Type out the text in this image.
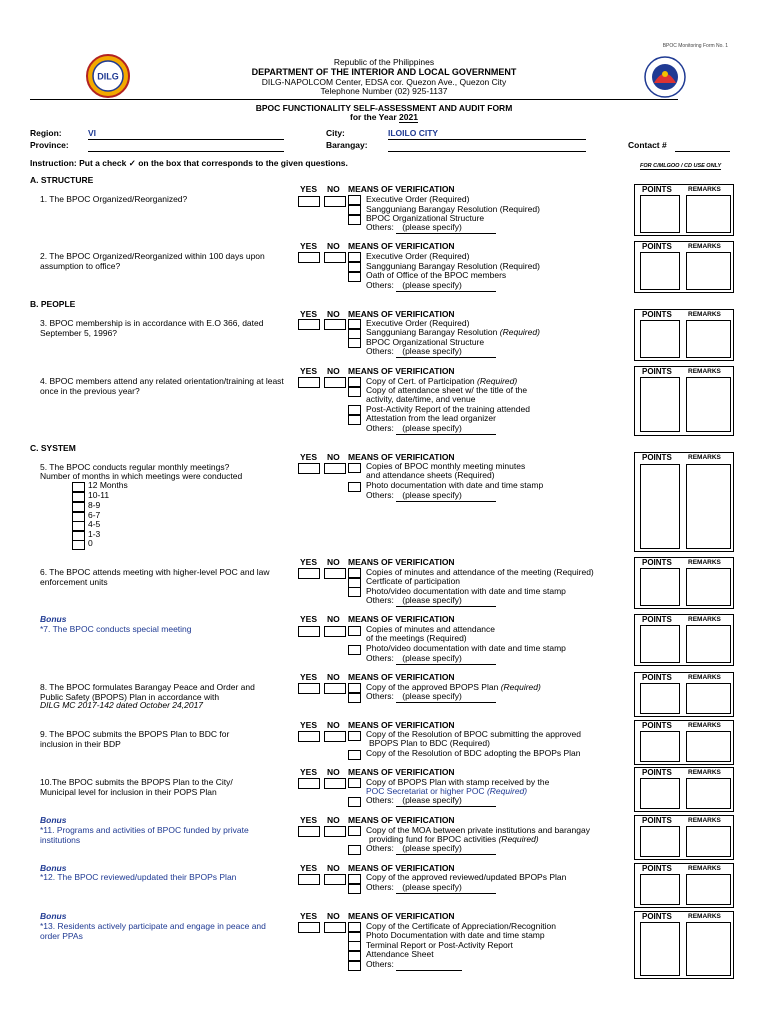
BPOC Monitoring Form No. 1
DILG
Republic of the Philippines
DEPARTMENT OF THE INTERIOR AND LOCAL GOVERNMENT
DILG-NAPOLCOM Center, EDSA cor. Quezon Ave., Quezon City
Telephone Number (02) 925-1137
BPOC FUNCTIONALITY SELF-ASSESSMENT AND AUDIT FORM
for the Year 2021
Region:	VI
Province:
City:	ILOILO CITY
Barangay:	Contact #
Instruction: Put a check ✓ on the box that corresponds to the given questions.	FOR C/MLGOO / CD USE ONLY
A. STRUCTURE
YES NO MEANS OF VERIFICATION
1. The BPOC Organized/Reorganized?	Executive Order (Required)
Sangguniang Barangay Resolution (Required)
BPOC Organizational Structure
Others: (please specify)
POINTS REMARKS
YES NO MEANS OF VERIFICATION
2. The BPOC Organized/Reorganized within 100 days upon assumption to office?
Executive Order (Required)
Sangguniang Barangay Resolution (Required)
Oath of Office of the BPOC members
Others: (please specify)
POINTS REMARKS
B. PEOPLE
YES NO MEANS OF VERIFICATION
3. BPOC membership is in accordance with E.O 366, dated September 5, 1996?
Executive Order (Required)
Sangguniang Barangay Resolution (Required)
BPOC Organizational Structure
Others: (please specify)
POINTS REMARKS
YES NO MEANS OF VERIFICATION
4. BPOC members attend any related orientation/training at least once in the previous year?
Copy of Cert. of Participation (Required)
Copy of attendance sheet w/ the title of the
activity, date/time, and venue
Post-Activity Report of the training attended
Attestation from the lead organizer
Others: (please specify)
POINTS REMARKS
C. SYSTEM
YES NO MEANS OF VERIFICATION
5. The BPOC conducts regular monthly meetings?
Number of months in which meetings were conducted
Copies of BPOC monthly meeting minutes
and attendance sheets (Required)
Photo documentation with date and time stamp
Others: (please specify)
12 Months
10-11
8-9
6-7
4-5
1-3
0
POINTS REMARKS
YES NO MEANS OF VERIFICATION
6. The BPOC attends meeting with higher-level POC and law enforcement units
Copies of minutes and attendance of the meeting (Required)
Certficate of participation
Photo/video documentation with date and time stamp
Others: (please specify)
POINTS REMARKS
Bonus	YES NO MEANS OF VERIFICATION
*7. The BPOC conducts special meeting	Copies of minutes and attendance
of the meetings (Required)
Photo/video documentation with date and time stamp
Others: (please specify)
POINTS REMARKS
YES NO MEANS OF VERIFICATION
8. The BPOC formulates Barangay Peace and Order and Public Safety (BPOPS) Plan in accordance with
DILG MC 2017-142 dated October 24,2017
Copy of the approved BPOPS Plan (Required)
Others: (please specify)
POINTS REMARKS
YES NO MEANS OF VERIFICATION
9. The BPOC submits the BPOPS Plan to BDC for inclusion in their BDP
Copy of the Resolution of BPOC submitting the approved
BPOPS Plan to BDC (Required)
Copy of the Resolution of BDC adopting the BPOPs Plan
POINTS REMARKS
YES NO MEANS OF VERIFICATION
10.The BPOC submits the BPOPS Plan to the City/ Municipal level for inclusion in their POPS Plan
Copy of BPOPS Plan with stamp received by the
POC Secretariat or higher POC (Required)
Others: (please specify)
POINTS REMARKS
Bonus	YES NO MEANS OF VERIFICATION
*11. Programs and activities of BPOC funded by private institutions
Copy of the MOA between private institutions and barangay
providing fund for BPOC activities (Required)
Others: (please specify)
POINTS REMARKS
Bonus	YES NO MEANS OF VERIFICATION
*12. The BPOC reviewed/updated their BPOPs Plan	Copy of the approved reviewed/updated BPOPs Plan
Others: (please specify)
POINTS REMARKS
Bonus	YES NO MEANS OF VERIFICATION
*13. Residents actively participate and engage in peace and order PPAs
Copy of the Certificate of Appreciation/Recognition
Photo Documentation with date and time stamp
Terminal Report or Post-Activity Report
Attendance Sheet
Others:
POINTS REMARKS
